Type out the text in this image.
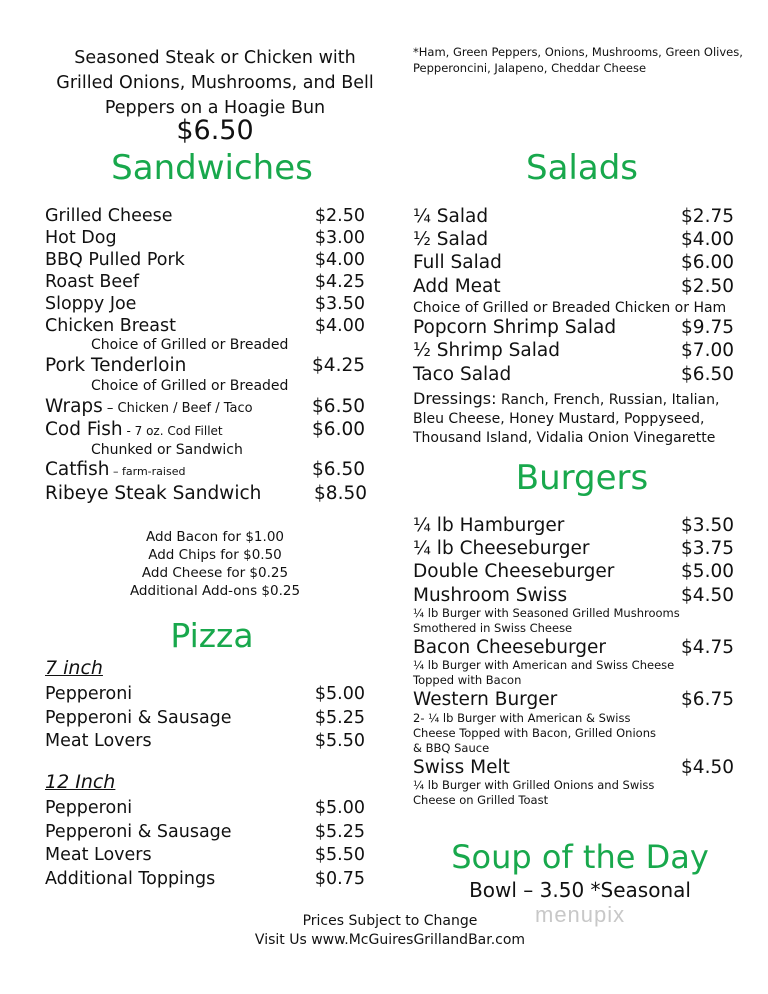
Seasoned Steak or Chicken with
Grilled Onions, Mushrooms, and Bell
Peppers on a Hoagie Bun
$6.50
*Ham, Green Peppers, Onions, Mushrooms, Green Olives,
Pepperoncini, Jalapeno, Cheddar Cheese
Sandwiches
Grilled Cheese	$2.50
Hot Dog	$3.00
BBQ Pulled Pork	$4.00
Roast Beef	$4.25
Sloppy Joe	$3.50
Chicken Breast	$4.00
Choice of Grilled or Breaded
Pork Tenderloin	$4.25
Choice of Grilled or Breaded
Wraps – Chicken / Beef / Taco	$6.50
Cod Fish - 7 oz. Cod Fillet	$6.00
Chunked or Sandwich
Catfish – farm-raised	$6.50
Ribeye Steak Sandwich	$8.50
Add Bacon for $1.00
Add Chips for $0.50
Add Cheese for $0.25
Additional Add-ons $0.25
Pizza
7 inch
Pepperoni	$5.00
Pepperoni & Sausage	$5.25
Meat Lovers	$5.50
12 Inch
Pepperoni	$5.00
Pepperoni & Sausage	$5.25
Meat Lovers	$5.50
Additional Toppings	$0.75
Salads
¼ Salad	$2.75
½ Salad	$4.00
Full Salad	$6.00
Add Meat	$2.50
Choice of Grilled or Breaded Chicken or Ham
Popcorn Shrimp Salad	$9.75
½ Shrimp Salad	$7.00
Taco Salad	$6.50
Dressings: Ranch, French, Russian, Italian,
Bleu Cheese, Honey Mustard, Poppyseed,
Thousand Island, Vidalia Onion Vinegarette
Burgers
¼ lb Hamburger	$3.50
¼ lb Cheeseburger	$3.75
Double Cheeseburger	$5.00
Mushroom Swiss	$4.50
¼ lb Burger with Seasoned Grilled Mushrooms
Smothered in Swiss Cheese
Bacon Cheeseburger	$4.75
¼ lb Burger with American and Swiss Cheese
Topped with Bacon
Western Burger	$6.75
2- ¼ lb Burger with American & Swiss
Cheese Topped with Bacon, Grilled Onions
& BBQ Sauce
Swiss Melt	$4.50
¼ lb Burger with Grilled Onions and Swiss
Cheese on Grilled Toast
Soup of the Day
Bowl – 3.50 *Seasonal
menupix
Prices Subject to Change
Visit Us www.McGuiresGrillandBar.com
